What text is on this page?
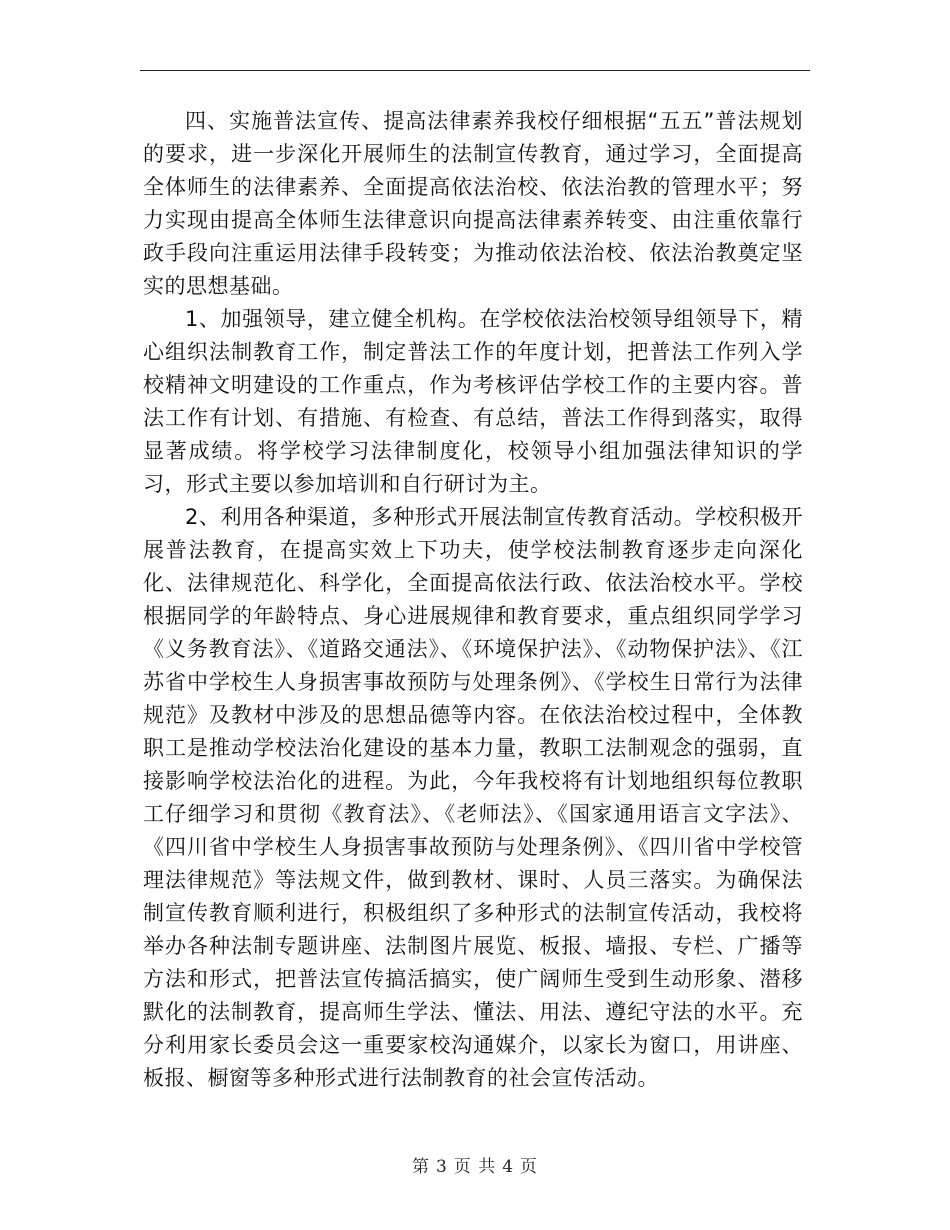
四、实施普法宣传、提高法律素养我校仔细根据“五五”普法规划的要求，进一步深化开展师生的法制宣传教育，通过学习，全面提高全体师生的法律素养、全面提高依法治校、依法治教的管理水平；努力实现由提高全体师生法律意识向提高法律素养转变、由注重依靠行政手段向注重运用法律手段转变；为推动依法治校、依法治教奠定坚实的思想基础。

1、加强领导，建立健全机构。在学校依法治校领导组领导下，精心组织法制教育工作，制定普法工作的年度计划，把普法工作列入学校精神文明建设的工作重点，作为考核评估学校工作的主要内容。普法工作有计划、有措施、有检查、有总结，普法工作得到落实，取得显著成绩。将学校学习法律制度化，校领导小组加强法律知识的学习，形式主要以参加培训和自行研讨为主。

2、利用各种渠道，多种形式开展法制宣传教育活动。学校积极开展普法教育，在提高实效上下功夫，使学校法制教育逐步走向深化化、法律规范化、科学化，全面提高依法行政、依法治校水平。学校根据同学的年龄特点、身心进展规律和教育要求，重点组织同学学习《义务教育法》、《道路交通法》、《环境保护法》、《动物保护法》、《江苏省中学校生人身损害事故预防与处理条例》、《学校生日常行为法律规范》及教材中涉及的思想品德等内容。在依法治校过程中，全体教职工是推动学校法治化建设的基本力量，教职工法制观念的强弱，直接影响学校法治化的进程。为此，今年我校将有计划地组织每位教职工仔细学习和贯彻《教育法》、《老师法》、《国家通用语言文字法》、《四川省中学校生人身损害事故预防与处理条例》、《四川省中学校管理法律规范》等法规文件，做到教材、课时、人员三落实。为确保法制宣传教育顺利进行，积极组织了多种形式的法制宣传活动，我校将举办各种法制专题讲座、法制图片展览、板报、墙报、专栏、广播等方法和形式，把普法宣传搞活搞实，使广阔师生受到生动形象、潜移默化的法制教育，提高师生学法、懂法、用法、遵纪守法的水平。充分利用家长委员会这一重要家校沟通媒介，以家长为窗口，用讲座、板报、橱窗等多种形式进行法制教育的社会宣传活动。

第 3 页 共 4 页
